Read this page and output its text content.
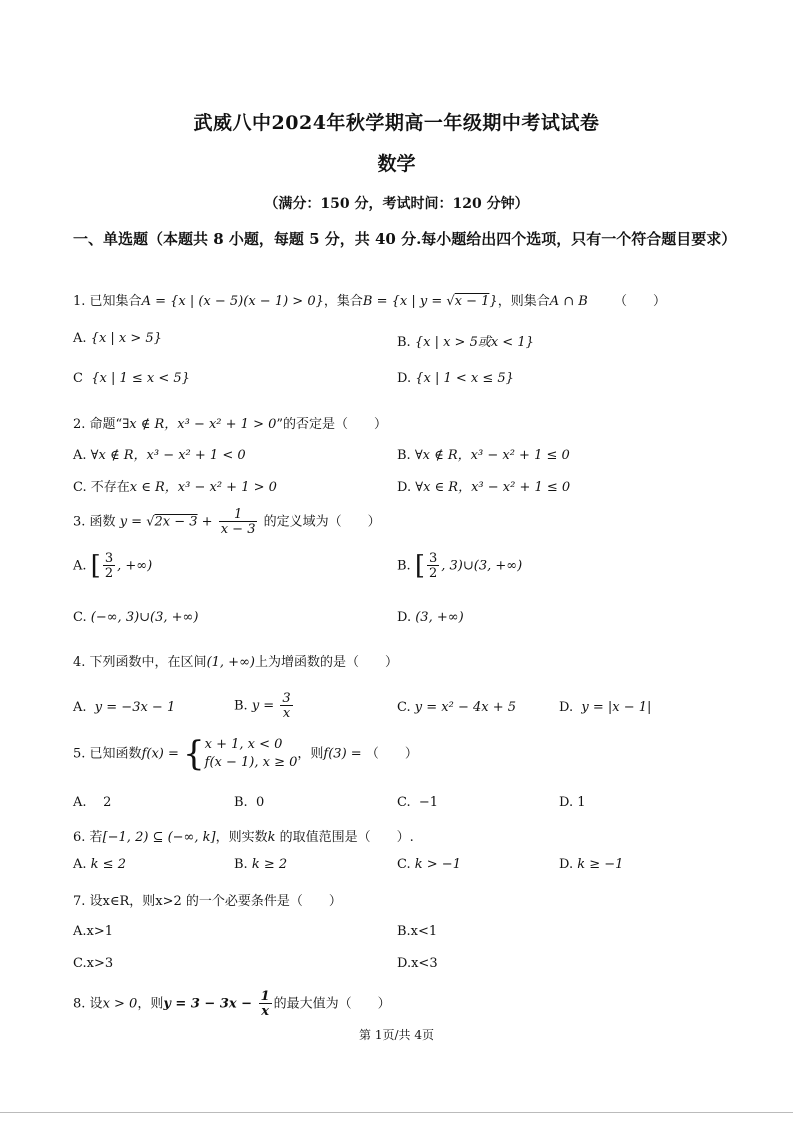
武威八中2024年秋学期高一年级期中考试试卷
数学
（满分：150 分，考试时间：120 分钟）
一、单选题（本题共 8 小题，每题 5 分，共 40 分.每小题给出四个选项，只有一个符合题目要求）
1. 已知集合A = {x | (x − 5)(x − 1) > 0}，集合B = {x | y = √x − 1}，则集合A ∩ B （　　）
A. {x | x > 5}	B. {x | x > 5或x < 1}
C {x | 1 ≤ x < 5}	D. {x | 1 < x ≤ 5}
2. 命题“∃x ∉ R，x³ − x² + 1 > 0”的否定是（　　）
A. ∀x ∉ R，x³ − x² + 1 < 0	B. ∀x ∉ R，x³ − x² + 1 ≤ 0
C. 不存在x ∈ R，x³ − x² + 1 > 0	D. ∀x ∈ R，x³ − x² + 1 ≤ 0
3. 函数 $y = √2x - 3 + \frac{1}{x - 3}$ 的定义域为（　　）
A. [ $\frac{3}{2}$ , +∞)	B. [ $\frac{3}{2}$ , 3)∪(3, +∞)
C. (−∞, 3)∪(3, +∞)	D. (3, +∞)
4. 下列函数中，在区间(1, +∞)上为增函数的是（　　）
A. y = −3x − 1	B. $y = \frac{3}{x}$	C. y = x² − 4x + 5	D. y = |x − 1|
5. 已知函数f(x) = { x + 1, x < 0
f(x − 1), x ≥ 0
，则f(3) = （　　）
A. 2	B. 0	C. −1	D. 1
6. 若[−1, 2) ⊆ (−∞, k]，则实数k 的取值范围是（　　）.
A. k ≤ 2	B. k ≥ 2	C. k > −1	D. k ≥ −1
7. 设x∈R，则x>2 的一个必要条件是（　　）
A.x>1	B.x<1
C.x>3	D.x<3
8. 设x > 0，则$y = 3 - 3x - \frac{1}{x}$ 的最大值为（　　）
第 1页/共 4页
